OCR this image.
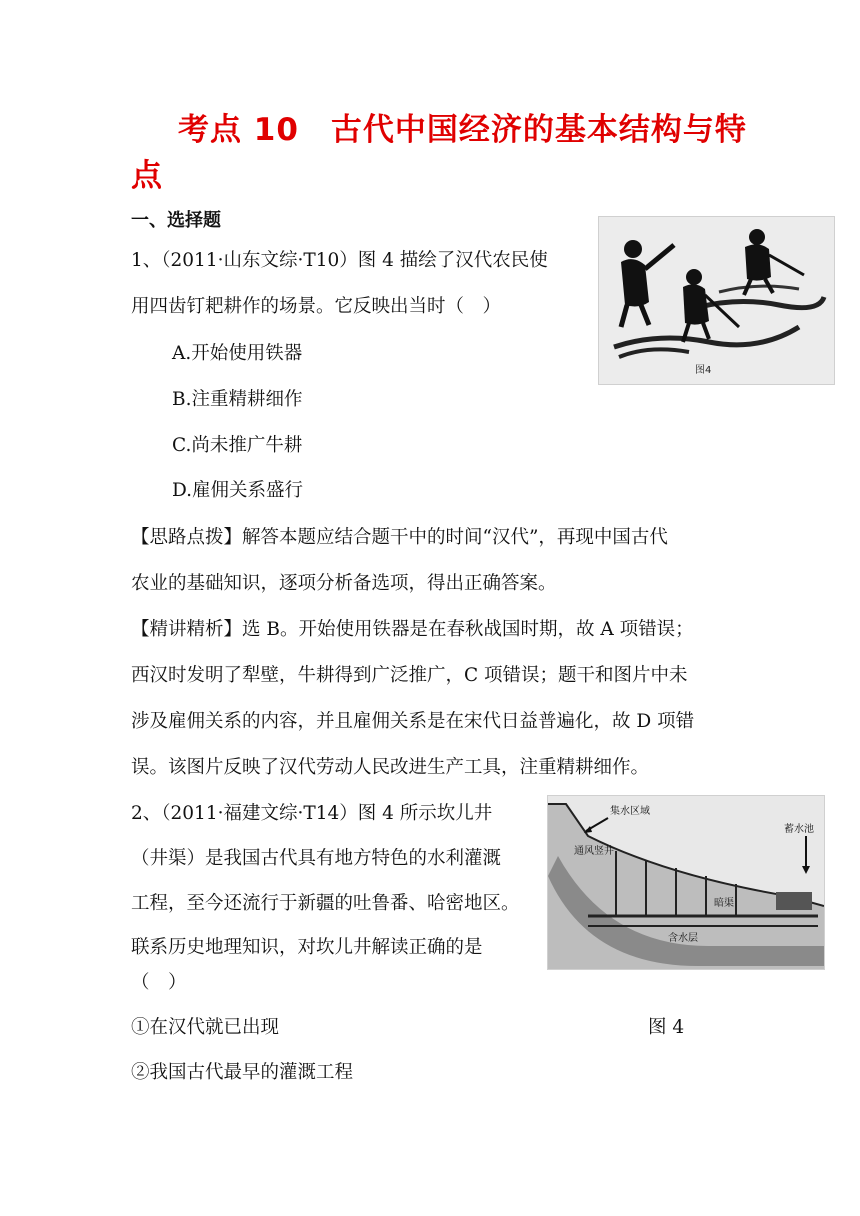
考点 10　古代中国经济的基本结构与特
点
一、选择题
1、（2011·山东文综·T10）图 4 描绘了汉代农民使
用四齿钉耙耕作的场景。它反映出当时（　）
A.开始使用铁器
B.注重精耕细作
C.尚未推广牛耕
D.雇佣关系盛行
图4
【思路点拨】解答本题应结合题干中的时间“汉代”，再现中国古代
农业的基础知识，逐项分析备选项，得出正确答案。
【精讲精析】选 B。开始使用铁器是在春秋战国时期，故 A 项错误；
西汉时发明了犁壁，牛耕得到广泛推广，C 项错误；题干和图片中未
涉及雇佣关系的内容，并且雇佣关系是在宋代日益普遍化，故 D 项错
误。该图片反映了汉代劳动人民改进生产工具，注重精耕细作。
2、（2011·福建文综·T14）图 4 所示坎儿井
（井渠）是我国古代具有地方特色的水利灌溉
工程，至今还流行于新疆的吐鲁番、哈密地区。
联系历史地理知识，对坎儿井解读正确的是
（　）
集水区域
通风竖井
暗渠
蓄水池
含水层
①在汉代就已出现	图 4
②我国古代最早的灌溉工程
